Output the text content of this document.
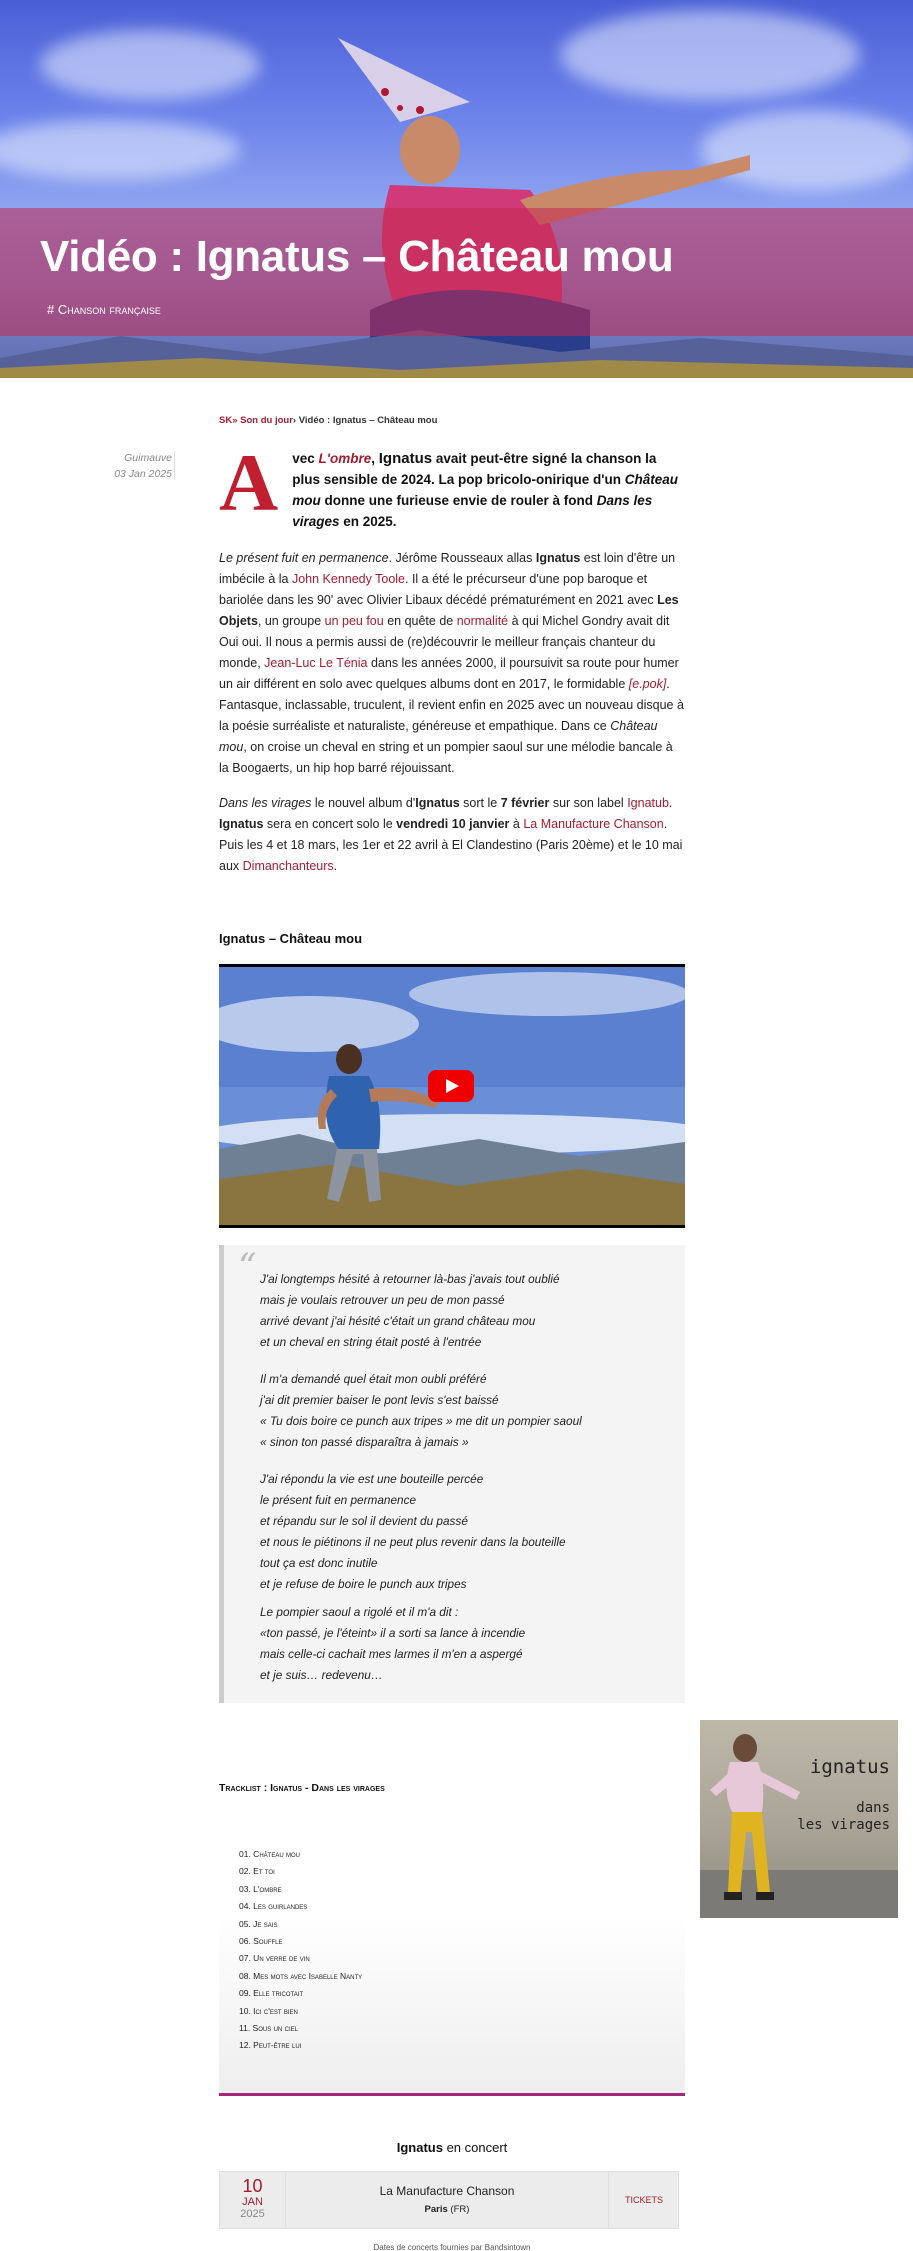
Vidéo : Ignatus – Château mou
# Chanson française
SK» Son du jour› Vidéo : Ignatus – Château mou
Guimauve
03 Jan 2025 A vec L'ombre, Ignatus avait peut-être signé la chanson la plus sensible de 2024. La pop bricolo-onirique d'un Château mou donne une furieuse envie de rouler à fond Dans les virages en 2025.
Le présent fuit en permanence. Jérôme Rousseaux allas Ignatus est loin d'être un imbécile à la John Kennedy Toole. Il a été le précurseur d'une pop baroque et bariolée dans les 90' avec Olivier Libaux décédé prématurément en 2021 avec Les Objets, un groupe un peu fou en quête de normalité à qui Michel Gondry avait dit Oui oui. Il nous a permis aussi de (re)découvrir le meilleur français chanteur du monde, Jean-Luc Le Ténia dans les années 2000, il poursuivit sa route pour humer un air différent en solo avec quelques albums dont en 2017, le formidable [e.pok]. Fantasque, inclassable, truculent, il revient enfin en 2025 avec un nouveau disque à la poésie surréaliste et naturaliste, généreuse et empathique. Dans ce Château mou, on croise un cheval en string et un pompier saoul sur une mélodie bancale à la Boogaerts, un hip hop barré réjouissant.
Dans les virages le nouvel album d'Ignatus sort le 7 février sur son label Ignatub. Ignatus sera en concert solo le vendredi 10 janvier à La Manufacture Chanson. Puis les 4 et 18 mars, les 1er et 22 avril à El Clandestino (Paris 20ème) et le 10 mai aux Dimanchanteurs.
Ignatus – Château mou
“ J'ai longtemps hésité à retourner là-bas j'avais tout oublié
mais je voulais retrouver un peu de mon passé
arrivé devant j'ai hésité c'était un grand château mou
et un cheval en string était posté à l'entrée
Il m'a demandé quel était mon oubli préféré
j'ai dit premier baiser le pont levis s'est baissé
« Tu dois boire ce punch aux tripes » me dit un pompier saoul
« sinon ton passé disparaîtra à jamais »
J'ai répondu la vie est une bouteille percée
le présent fuit en permanence
et répandu sur le sol il devient du passé
et nous le piétinons il ne peut plus revenir dans la bouteille
tout ça est donc inutile
et je refuse de boire le punch aux tripes
Le pompier saoul a rigolé et il m'a dit :
«ton passé, je l'éteint» il a sorti sa lance à incendie
mais celle-ci cachait mes larmes il m'en a aspergé
et je suis… redevenu…
ignatus
dans
les virages
Tracklist : Ignatus - Dans les virages
01. Château mou
02. Et toi
03. L'ombre
04. Les guirlandes
05. Je sais
06. Souffle
07. Un verre de vin
08. Mes mots avec Isabelle Nanty
09. Elle tricotait
10. Ici c'est bien
11. Sous un ciel
12. Peut-être lui
Ignatus en concert
10
JAN
2025
La Manufacture Chanson
Paris (FR)
TICKETS
Dates de concerts fournies par Bandsintown
